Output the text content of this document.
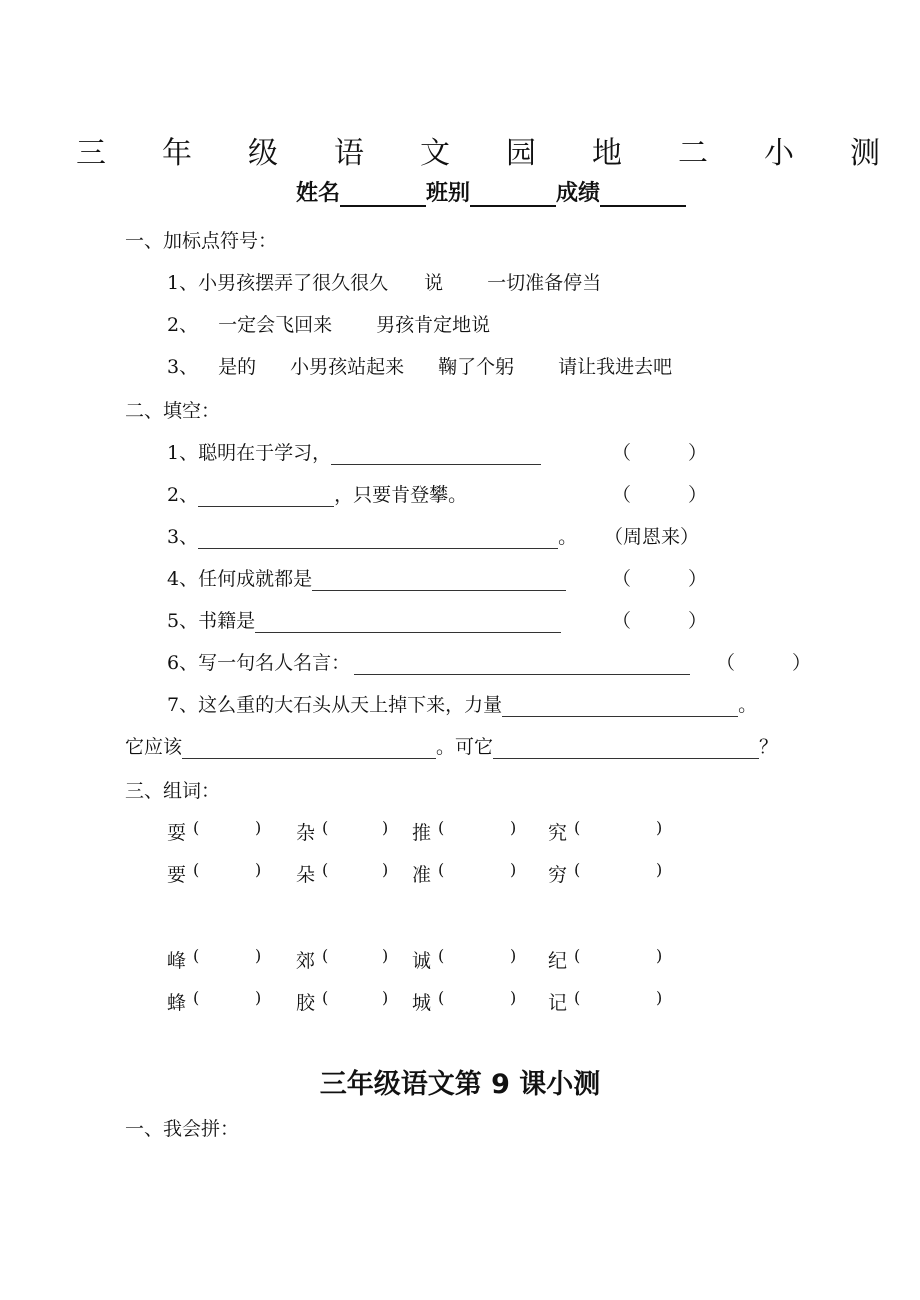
三 年 级 语 文 园 地 二 小 测
姓名	班别	成绩
一、加标点符号：
1、小男孩摆弄了很久很久 说 一切准备停当
2、 一定会飞回来 男孩肯定地说
3、 是的 小男孩站起来 鞠了个躬 请让我进去吧
二、填空：
1、聪明在于学习，	（　　　）
2、	，只要肯登攀。	（　　　）
3、	。 （周恩来）
4、任何成就都是	（　　　）
5、书籍是	（　　　）
6、写一句名人名言：	（　　　）
7、这么重的大石头从天上掉下来，力量	。
它应该	。可它	？
三、组词：
耍 (	) 杂 (	) 推 (	) 究 (	)
要 (	) 朵 (	) 准 (	) 穷 (	)
峰 (	) 郊 (	) 诚 (	) 纪 (	)
蜂 (	) 胶 (	) 城 (	) 记 (	)
三年级语文第 9 课小测
一、我会拼：
